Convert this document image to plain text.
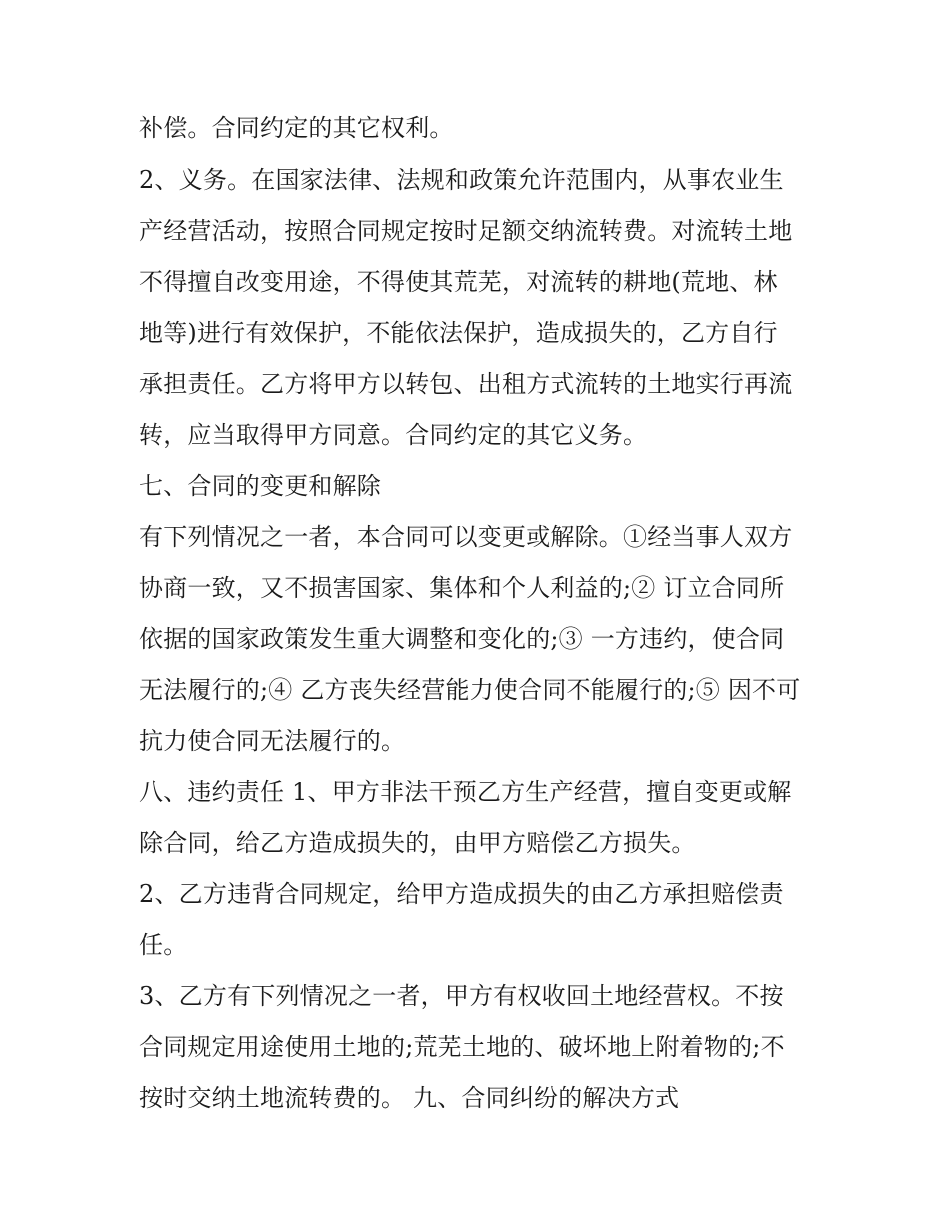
补偿。合同约定的其它权利。
2、义务。在国家法律、法规和政策允许范围内，从事农业生
产经营活动，按照合同规定按时足额交纳流转费。对流转土地
不得擅自改变用途，不得使其荒芜，对流转的耕地(荒地、林
地等)进行有效保护，不能依法保护，造成损失的，乙方自行
承担责任。乙方将甲方以转包、出租方式流转的土地实行再流
转，应当取得甲方同意。合同约定的其它义务。
七、合同的变更和解除
有下列情况之一者，本合同可以变更或解除。①经当事人双方
协商一致，又不损害国家、集体和个人利益的;② 订立合同所
依据的国家政策发生重大调整和变化的;③ 一方违约，使合同
无法履行的;④ 乙方丧失经营能力使合同不能履行的;⑤ 因不可
抗力使合同无法履行的。
八、违约责任 1、甲方非法干预乙方生产经营，擅自变更或解
除合同，给乙方造成损失的，由甲方赔偿乙方损失。
2、乙方违背合同规定，给甲方造成损失的由乙方承担赔偿责
任。
3、乙方有下列情况之一者，甲方有权收回土地经营权。不按
合同规定用途使用土地的;荒芜土地的、破坏地上附着物的;不
按时交纳土地流转费的。 九、合同纠纷的解决方式
